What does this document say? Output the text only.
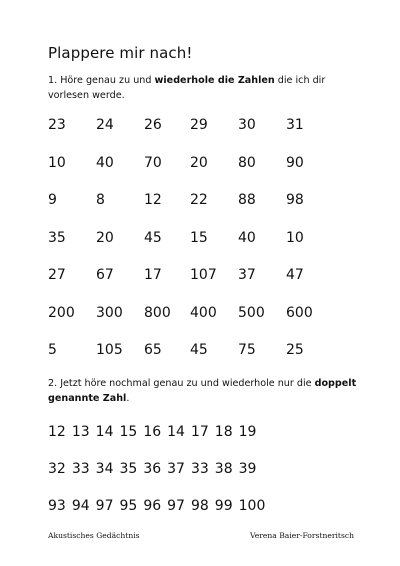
Plappere mir nach!
1. Höre genau zu und wiederhole die Zahlen die ich dir vorlesen werde.
23 24 26 29 30 31
10 40 70 20 80 90
9	8	12 22 88 98
35 20 45 15 40 10
27 67 17 107 37 47
200 300 800 400 500 600
5	105 65 45 75 25
2. Jetzt höre nochmal genau zu und wiederhole nur die doppelt genannte Zahl.
12 13 14 15 16 14 17 18 19
32 33 34 35 36 37 33 38 39
93 94 97 95 96 97 98 99 100
Akustisches Gedächtnis	Verena Baier-Forstneritsch
